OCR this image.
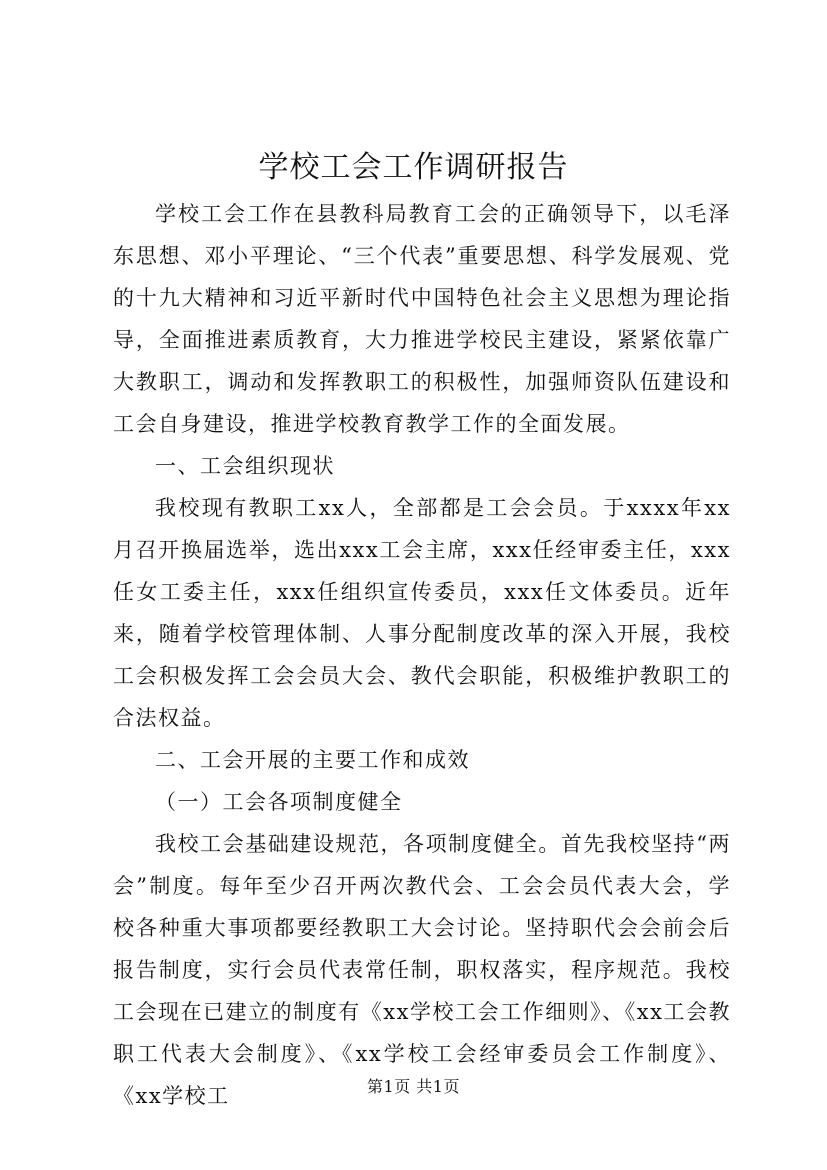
学校工会工作调研报告

学校工会工作在县教科局教育工会的正确领导下，以毛泽东思想、邓小平理论、“三个代表”重要思想、科学发展观、党的十九大精神和习近平新时代中国特色社会主义思想为理论指导，全面推进素质教育，大力推进学校民主建设，紧紧依靠广大教职工，调动和发挥教职工的积极性，加强师资队伍建设和工会自身建设，推进学校教育教学工作的全面发展。

一、工会组织现状

我校现有教职工xx人，全部都是工会会员。于xxxx年xx月召开换届选举，选出xxx工会主席，xxx任经审委主任，xxx任女工委主任，xxx任组织宣传委员，xxx任文体委员。近年来，随着学校管理体制、人事分配制度改革的深入开展，我校工会积极发挥工会会员大会、教代会职能，积极维护教职工的合法权益。

二、工会开展的主要工作和成效

（一）工会各项制度健全

我校工会基础建设规范，各项制度健全。首先我校坚持“两会”制度。每年至少召开两次教代会、工会会员代表大会，学校各种重大事项都要经教职工大会讨论。坚持职代会会前会后报告制度，实行会员代表常任制，职权落实，程序规范。我校工会现在已建立的制度有《xx学校工会工作细则》、《xx工会教职工代表大会制度》、《xx学校工会经审委员会工作制度》、《xx学校工	第1页 共1页
